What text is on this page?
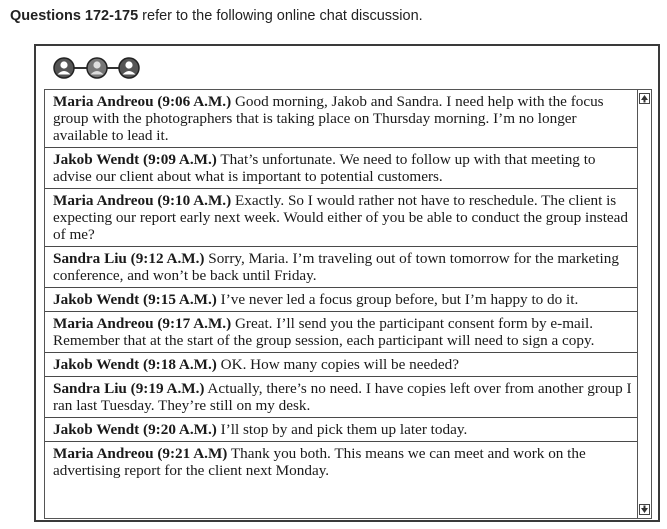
Questions 172-175 refer to the following online chat discussion.
Maria Andreou (9:06 A.M.) Good morning, Jakob and Sandra. I need help with the focus group with the photographers that is taking place on Thursday morning. I’m no longer available to lead it.
Jakob Wendt (9:09 A.M.) That’s unfortunate. We need to follow up with that meeting to advise our client about what is important to potential customers.
Maria Andreou (9:10 A.M.) Exactly. So I would rather not have to reschedule. The client is expecting our report early next week. Would either of you be able to conduct the group instead of me?
Sandra Liu (9:12 A.M.) Sorry, Maria. I’m traveling out of town tomorrow for the marketing conference, and won’t be back until Friday.
Jakob Wendt (9:15 A.M.) I’ve never led a focus group before, but I’m happy to do it.
Maria Andreou (9:17 A.M.) Great. I’ll send you the participant consent form by e-mail. Remember that at the start of the group session, each participant will need to sign a copy.
Jakob Wendt (9:18 A.M.) OK. How many copies will be needed?
Sandra Liu (9:19 A.M.) Actually, there’s no need. I have copies left over from another group I ran last Tuesday. They’re still on my desk.
Jakob Wendt (9:20 A.M.) I’ll stop by and pick them up later today.
Maria Andreou (9:21 A.M) Thank you both. This means we can meet and work on the advertising report for the client next Monday.
